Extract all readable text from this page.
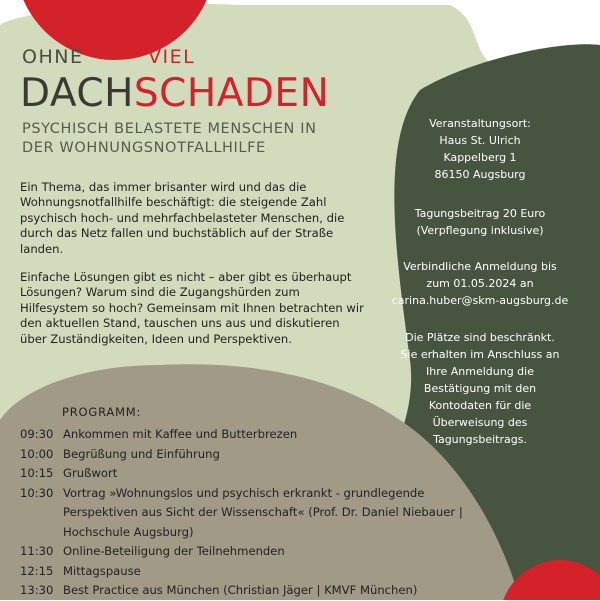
OHNE	VIEL
DACHSCHADEN
PSYCHISCH BELASTETE MENSCHEN IN
DER WOHNUNGSNOTFALLHILFE
Ein Thema, das immer brisanter wird und das die Wohnungsnotfallhilfe beschäftigt: die steigende Zahl psychisch hoch- und mehrfachbelasteter Menschen, die durch das Netz fallen und buchstäblich auf der Straße landen.
Einfache Lösungen gibt es nicht – aber gibt es überhaupt Lösungen? Warum sind die Zugangshürden zum Hilfesystem so hoch? Gemeinsam mit Ihnen betrachten wir den aktuellen Stand, tauschen uns aus und diskutieren über Zuständigkeiten, Ideen und Perspektiven.
Veranstaltungsort:
Haus St. Ulrich
Kappelberg 1
86150 Augsburg
Tagungsbeitrag 20 Euro
(Verpflegung inklusive)
Verbindliche Anmeldung bis
zum 01.05.2024 an
carina.huber@skm-augsburg.de
Die Plätze sind beschränkt.
Sie erhalten im Anschluss an
Ihre Anmeldung die
Bestätigung mit den
Kontodaten für die
Überweisung des
Tagungsbeitrags.
PROGRAMM:
09:30 Ankommen mit Kaffee und Butterbrezen
10:00 Begrüßung und Einführung
10:15 Grußwort
10:30 Vortrag »Wohnungslos und psychisch erkrankt - grundlegende
Perspektiven aus Sicht der Wissenschaft« (Prof. Dr. Daniel Niebauer |
Hochschule Augsburg)
11:30 Online-Beteiligung der Teilnehmenden
12:15 Mittagspause
13:30 Best Practice aus München (Christian Jäger | KMVF München)
